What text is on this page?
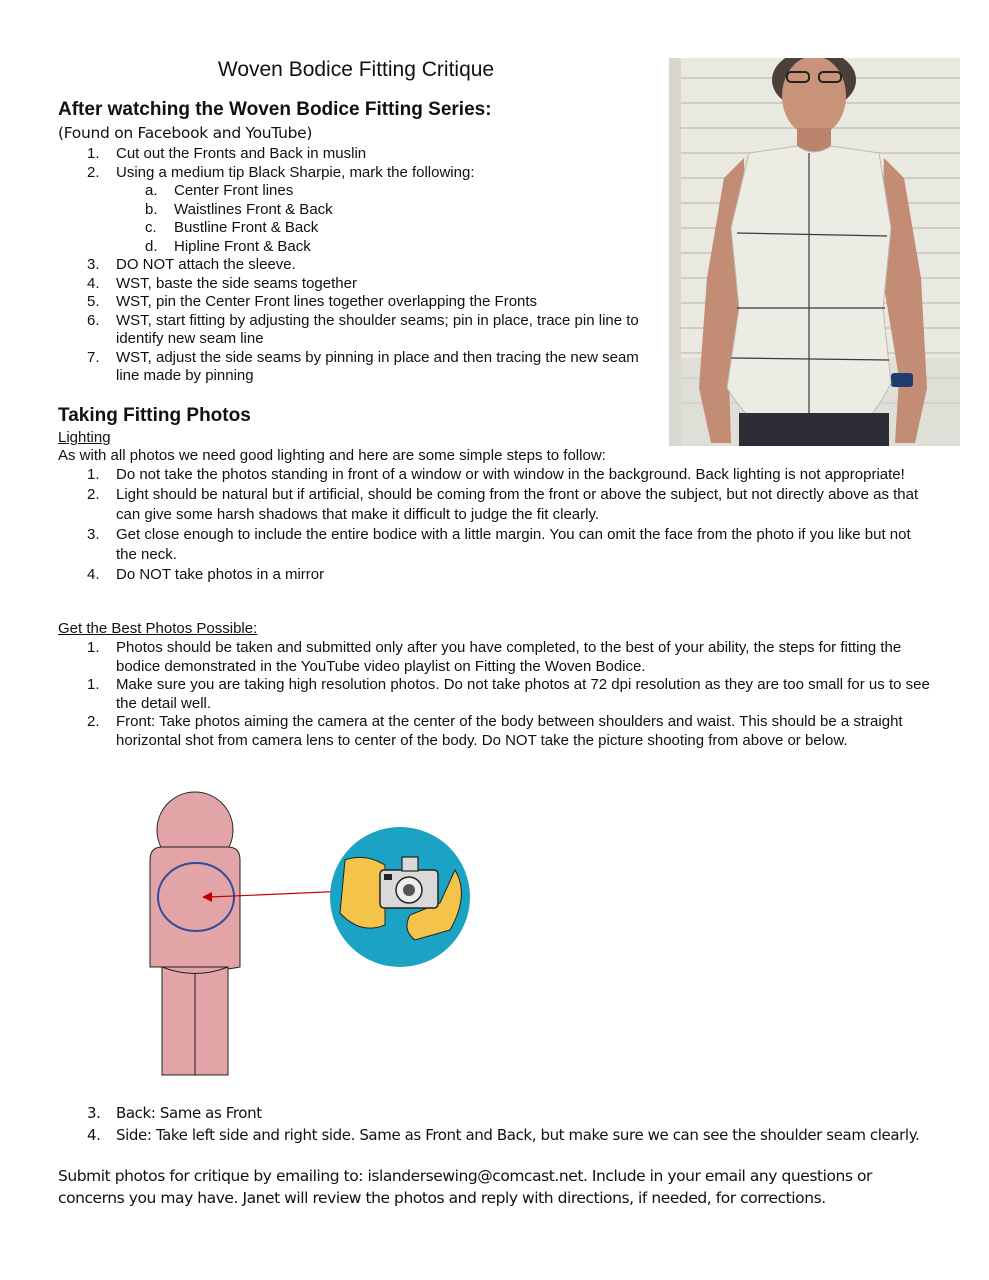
Woven Bodice Fitting Critique
After watching the Woven Bodice Fitting Series:
(Found on Facebook and YouTube)
1. Cut out the Fronts and Back in muslin
2. Using a medium tip Black Sharpie, mark the following:
a. Center Front lines
b. Waistlines Front & Back
c. Bustline Front & Back
d. Hipline Front & Back
3. DO NOT attach the sleeve.
4. WST, baste the side seams together
5. WST, pin the Center Front lines together overlapping the Fronts
6. WST, start fitting by adjusting the shoulder seams; pin in place, trace pin line to identify new seam line
7. WST, adjust the side seams by pinning in place and then tracing the new seam line made by pinning
Taking Fitting Photos
Lighting
As with all photos we need good lighting and here are some simple steps to follow:
1. Do not take the photos standing in front of a window or with window in the background. Back lighting is not appropriate!
2. Light should be natural but if artificial, should be coming from the front or above the subject, but not directly above as that can give some harsh shadows that make it difficult to judge the fit clearly.
3. Get close enough to include the entire bodice with a little margin. You can omit the face from the photo if you like but not the neck.
4. Do NOT take photos in a mirror
Get the Best Photos Possible:
1. Photos should be taken and submitted only after you have completed, to the best of your ability, the steps for fitting the bodice demonstrated in the YouTube video playlist on Fitting the Woven Bodice.
1. Make sure you are taking high resolution photos. Do not take photos at 72 dpi resolution as they are too small for us to see the detail well.
2. Front: Take photos aiming the camera at the center of the body between shoulders and waist. This should be a straight horizontal shot from camera lens to center of the body. Do NOT take the picture shooting from above or below.
3. Back: Same as Front
4. Side: Take left side and right side. Same as Front and Back, but make sure we can see the shoulder seam clearly.
Submit photos for critique by emailing to: islandersewing@comcast.net. Include in your email any questions or concerns you may have. Janet will review the photos and reply with directions, if needed, for corrections.
